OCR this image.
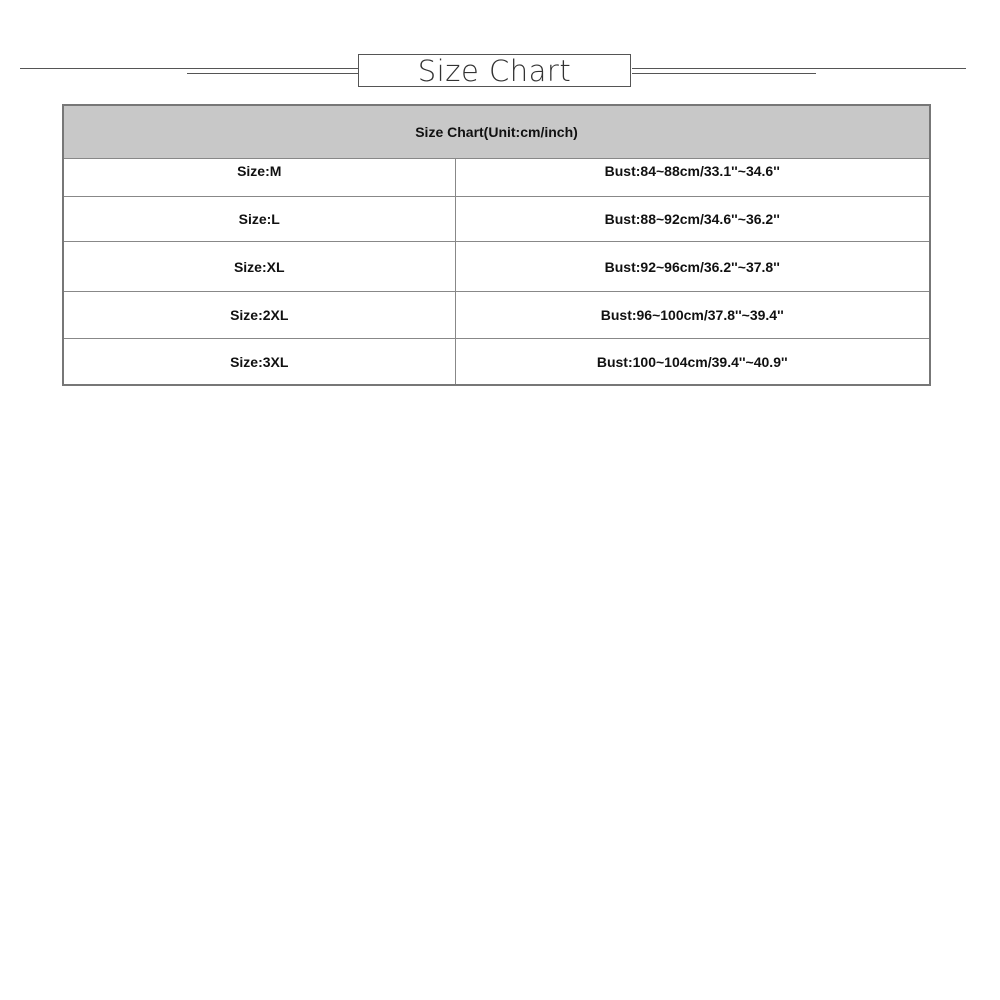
Size Chart
Size Chart(Unit:cm/inch)	
Size:M	Bust:84~88cm/33.1''~34.6''
Size:L	Bust:88~92cm/34.6''~36.2''
Size:XL	Bust:92~96cm/36.2''~37.8''
Size:2XL	Bust:96~100cm/37.8''~39.4''
Size:3XL	Bust:100~104cm/39.4''~40.9''
